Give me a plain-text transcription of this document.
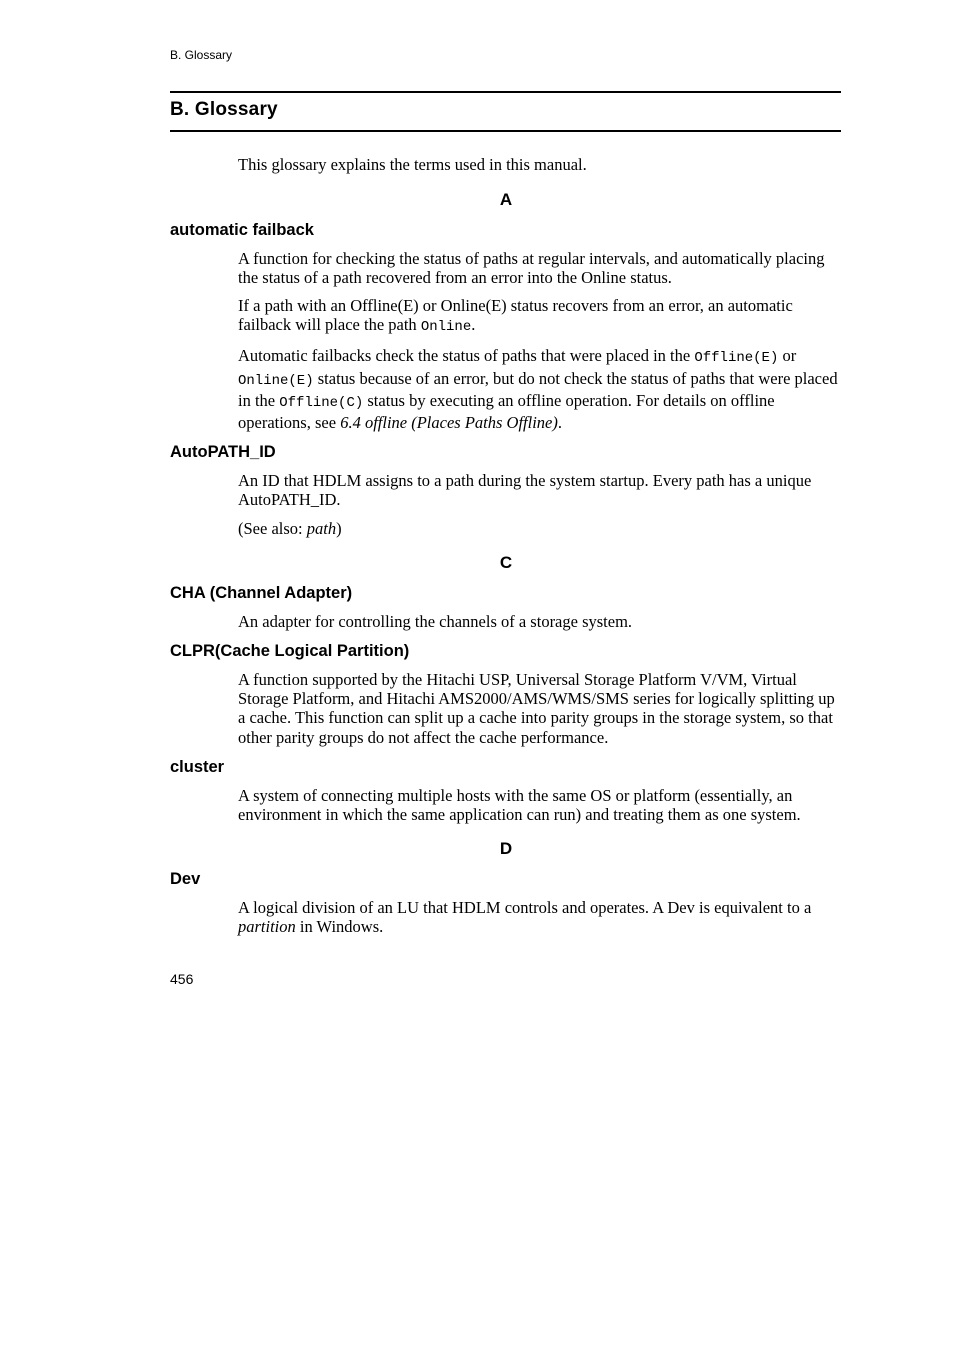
B. Glossary
B. Glossary

This glossary explains the terms used in this manual.

A
automatic failback

A function for checking the status of paths at regular intervals, and automatically placing the status of a path recovered from an error into the Online status.

If a path with an Offline(E) or Online(E) status recovers from an error, an automatic failback will place the path Online.

Automatic failbacks check the status of paths that were placed in the Offline(E) or Online(E) status because of an error, but do not check the status of paths that were placed in the Offline(C) status by executing an offline operation. For details on offline operations, see 6.4 offline (Places Paths Offline).

AutoPATH_ID

An ID that HDLM assigns to a path during the system startup. Every path has a unique AutoPATH_ID.

(See also: path)

C
CHA (Channel Adapter)

An adapter for controlling the channels of a storage system.

CLPR(Cache Logical Partition)

A function supported by the Hitachi USP, Universal Storage Platform V/VM, Virtual Storage Platform, and Hitachi AMS2000/AMS/WMS/SMS series for logically splitting up a cache. This function can split up a cache into parity groups in the storage system, so that other parity groups do not affect the cache performance.

cluster

A system of connecting multiple hosts with the same OS or platform (essentially, an environment in which the same application can run) and treating them as one system.

D
Dev

A logical division of an LU that HDLM controls and operates. A Dev is equivalent to a partition in Windows.

456
